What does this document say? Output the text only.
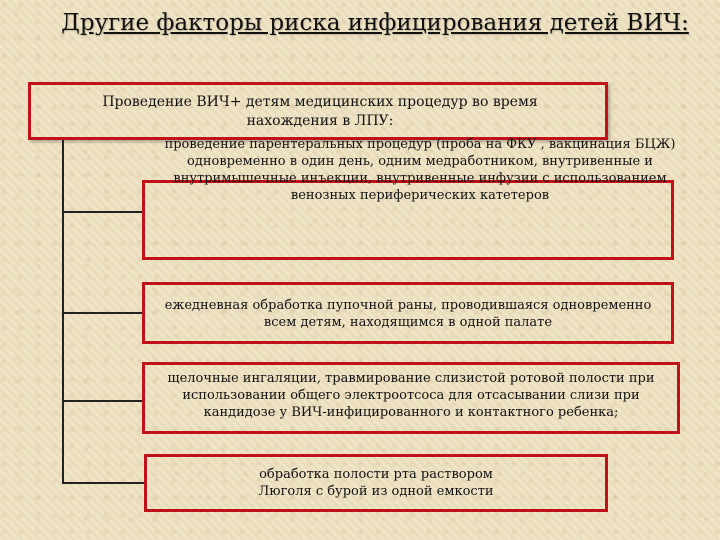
Другие факторы риска инфицирования детей ВИЧ:
Проведение ВИЧ+ детям медицинских процедур во время
нахождения в ЛПУ:
проведение парентеральных процедур (проба на ФКУ , вакцинация БЦЖ)
одновременно в один день, одним медработником, внутривенные и
внутримышечные инъекции, внутривенные инфузии с использованием
венозных периферических катетеров
ежедневная обработка пупочной раны, проводившаяся одновременно
всем детям, находящимся в одной палате
щелочные ингаляции, травмирование слизистой ротовой полости при
использовании общего электроотсоса для отсасывании слизи при
кандидозе у ВИЧ-инфицированного и контактного ребенка;
обработка полости рта раствором
Люголя с бурой из одной емкости
